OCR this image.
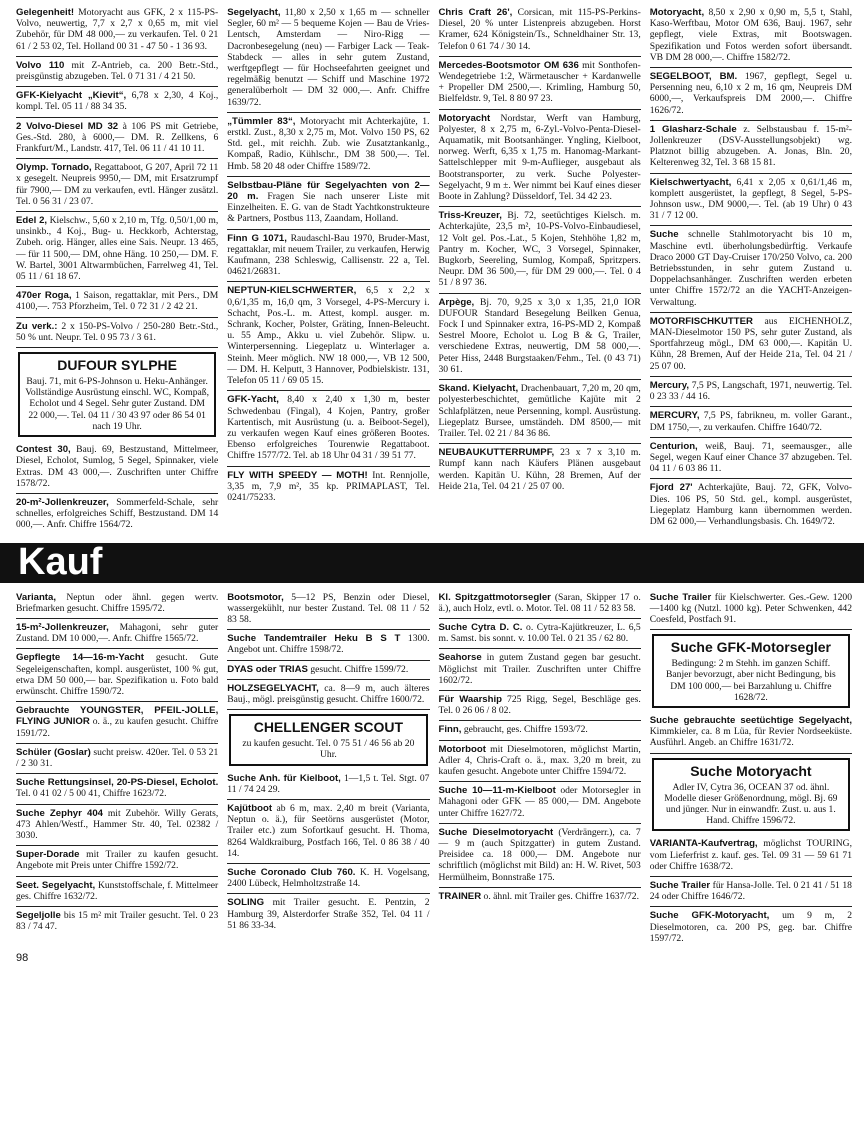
Gelegenheit! Motoryacht aus GFK, 2 x 115-PS-Volvo, neuwertig, 7,7 x 2,7 x 0,65 m, mit viel Zubehör, für DM 48 000,— zu verkaufen. Tel. 0 21 61 / 2 53 02, Tel. Holland 00 31 - 47 50 - 1 36 93.
Volvo 110 mit Z-Antrieb, ca. 200 Betr.-Std., preisgünstig abzugeben. Tel. 0 71 31 / 4 21 50.
GFK-Kielyacht „Kievit“, 6,78 x 2,30, 4 Koj., kompl. Tel. 05 11 / 88 34 35.
2 Volvo-Diesel MD 32 à 106 PS mit Getriebe, Ges.-Std. 280, à 6000,— DM. R. Zellkens, 6 Frankfurt/M., Landstr. 417, Tel. 06 11 / 41 10 11.
Olymp. Tornado, Regattaboot, G 207, April 72 11 x gesegelt. Neupreis 9950,— DM, mit Ersatzrumpf für 7900,— DM zu verkaufen, evtl. Hänger zusätzl. Tel. 0 56 31 / 23 07.
Edel 2, Kielschw., 5,60 x 2,10 m, Tfg. 0,50/1,00 m, unsinkb., 4 Koj., Bug- u. Heckkorb, Achterstag, Zubeh. orig. Hänger, alles eine Sais. Neupr. 13 465,— für 11 500,— DM, ohne Häng. 10 250,— DM. F. W. Bartel, 3001 Altwarmbüchen, Farrelweg 41, Tel. 05 11 / 61 18 67.
470er Roga, 1 Saison, regattaklar, mit Pers., DM 4100,—. 753 Pforzheim, Tel. 0 72 31 / 2 42 21.
Zu verk.: 2 x 150-PS-Volvo / 250-280 Betr.-Std., 50 % unt. Neupr. Tel. 0 95 73 / 3 61.
DUFOUR SYLPHE
Bauj. 71, mit 6-PS-Johnson u. Heku-Anhänger. Vollständige Ausrüstung einschl. WC, Kompaß, Echolot und 4 Segel. Sehr guter Zustand. DM 22 000,—. Tel. 04 11 / 30 43 97 oder 86 54 01 nach 19 Uhr.
Contest 30, Bauj. 69, Bestzustand, Mittelmeer, Diesel, Echolot, Sumlog, 5 Segel, Spinnaker, viele Extras. DM 43 000,—. Zuschriften unter Chiffre 1578/72.
20-m²-Jollenkreuzer, Sommerfeld-Schale, sehr schnelles, erfolgreiches Schiff, Bestzustand. DM 14 000,—. Anfr. Chiffre 1564/72.
Segelyacht, 11,80 x 2,50 x 1,65 m — schneller Segler, 60 m² — 5 bequeme Kojen — Bau de Vries-Lentsch, Amsterdam — Niro-Rigg — Dacronbesegelung (neu) — Farbiger Lack — Teak-Stabdeck — alles in sehr gutem Zustand, werftgepflegt — für Hochseefahrten geeignet und regelmäßig benutzt — Schiff und Maschine 1972 generalüberholt — DM 32 000,—. Anfr. Chiffre 1639/72.
„Tümmler 83“, Motoryacht mit Achterkajüte, 1. erstkl. Zust., 8,30 x 2,75 m, Mot. Volvo 150 PS, 62 Std. gel., mit reichh. Zub. wie Zusatztankanlg., Kompaß, Radio, Kühlschr., DM 38 500,—. Tel. Hmb. 58 20 48 oder Chiffre 1589/72.
Selbstbau-Pläne für Segelyachten von 2—20 m. Fragen Sie nach unserer Liste mit Einzelheiten. E. G. van de Stadt Yachtkonstrukteure & Partners, Postbus 113, Zaandam, Holland.
Finn G 1071, Raudaschl-Bau 1970, Bruder-Mast, regattaklar, mit neuem Trailer, zu verkaufen, Herwig Kaufmann, 238 Schleswig, Callisenstr. 22 a, Tel. 04621/26831.
NEPTUN-KIELSCHWERTER, 6,5 x 2,2 x 0,6/1,35 m, 16,0 qm, 3 Vorsegel, 4-PS-Mercury i. Schacht, Pos.-L. m. Attest, kompl. ausger. m. Schrank, Kocher, Polster, Gräting, Innen-Beleucht. u. 55 Amp., Akku u. viel Zubehör. Slipw. u. Winterpersenning. Liegeplatz u. Winterlager a. Steinh. Meer möglich. NW 18 000,—, VB 12 500,— DM. H. Kelputt, 3 Hannover, Podbielskistr. 131, Telefon 05 11 / 69 05 15.
GFK-Yacht, 8,40 x 2,40 x 1,30 m, bester Schwedenbau (Fingal), 4 Kojen, Pantry, großer Kartentisch, mit Ausrüstung (u. a. Beiboot-Segel), zu verkaufen wegen Kauf eines größeren Bootes. Ebenso erfolgreiches Tourenwie Regattaboot. Chiffre 1577/72. Tel. ab 18 Uhr 04 31 / 39 51 77.
FLY WITH SPEEDY — MOTH! Int. Rennjolle, 3,35 m, 7,9 m², 35 kp. PRIMAPLAST, Tel. 0241/75233.
Chris Craft 26', Corsican, mit 115-PS-Perkins-Diesel, 20 % unter Listenpreis abzugeben. Horst Kramer, 624 Königstein/Ts., Schneldhainer Str. 13, Telefon 0 61 74 / 30 14.
Mercedes-Bootsmotor OM 636 mit Sonthofen-Wendegetriebe 1:2, Wärmetauscher + Kardanwelle + Propeller DM 2500,—. Krimling, Hamburg 50, Bielfeldstr. 9, Tel. 8 80 97 23.
Motoryacht Nordstar, Werft van Hamburg, Polyester, 8 x 2,75 m, 6-Zyl.-Volvo-Penta-Diesel-Aquamatik, mit Bootsanhänger. Yngling, Kielboot, norweg. Werft, 6,35 x 1,75 m. Hanomag-Markant-Sattelschlepper mit 9-m-Auflieger, ausgebaut als Bootstransporter, zu verk. Suche Polyester-Segelyacht, 9 m ±. Wer nimmt bei Kauf eines dieser Boote in Zahlung? Düsseldorf, Tel. 34 42 23.
Triss-Kreuzer, Bj. 72, seetüchtiges Kielsch. m. Achterkajüte, 23,5 m², 10-PS-Volvo-Einbaudiesel, 12 Volt gel. Pos.-Lat., 5 Kojen, Stehhöhe 1,82 m, Pantry m. Kocher, WC, 3 Vorsegel, Spinnaker, Bugkorb, Seereling, Sumlog, Kompaß, Spritzpers. Neupr. DM 36 500,—, für DM 29 000,—. Tel. 0 4 51 / 8 97 36.
Arpège, Bj. 70, 9,25 x 3,0 x 1,35, 21,0 IOR DUFOUR Standard Besegelung Beilken Genua, Fock I und Spinnaker extra, 16-PS-MD 2, Kompaß Sestrel Moore, Echolot u. Log B & G, Trailer, verschiedene Extras, neuwertig, DM 58 000,—. Peter Hiss, 2448 Burgstaaken/Fehm., Tel. (0 43 71) 30 61.
Skand. Kielyacht, Drachenbauart, 7,20 m, 20 qm, polyesterbeschichtet, gemütliche Kajüte mit 2 Schlafplätzen, neue Persenning, kompl. Ausrüstung. Liegeplatz Bursee, umständeh. DM 8500,— mit Trailer. Tel. 02 21 / 84 36 86.
NEUBAUKUTTERRUMPF, 23 x 7 x 3,10 m. Rumpf kann nach Käufers Plänen ausgebaut werden. Kapitän U. Kühn, 28 Bremen, Auf der Heide 21a, Tel. 04 21 / 25 07 00.
Motoryacht, 8,50 x 2,90 x 0,90 m, 5,5 t, Stahl, Kaso-Werftbau, Motor OM 636, Bauj. 1967, sehr gepflegt, viele Extras, mit Bootswagen. Spezifikation und Fotos werden sofort übersandt. VB DM 28 000,—. Chiffre 1582/72.
SEGELBOOT, BM. 1967, gepflegt, Segel u. Persenning neu, 6,10 x 2 m, 16 qm, Neupreis DM 6000,—, Verkaufspreis DM 2000,—. Chiffre 1626/72.
1 Glasharz-Schale z. Selbstausbau f. 15-m²-Jollenkreuzer (DSV-Ausstellungsobjekt) wg. Platznot billig abzugeben. A. Jonas, Bln. 20, Kelterenweg 32, Tel. 3 68 15 81.
Kielschwertyacht, 6,41 x 2,05 x 0,61/1,46 m, komplett ausgerüstet, la gepflegt, 8 Segel, 5-PS-Johnson usw., DM 9000,—. Tel. (ab 19 Uhr) 0 43 31 / 7 12 00.
Suche schnelle Stahlmotoryacht bis 10 m, Maschine evtl. überholungsbedürftig. Verkaufe Draco 2000 GT Day-Cruiser 170/250 Volvo, ca. 200 Betriebsstunden, in sehr gutem Zustand u. Doppelachsanhänger. Zuschriften werden erbeten unter Chiffre 1572/72 an die YACHT-Anzeigen-Verwaltung.
MOTORFISCHKUTTER aus EICHENHOLZ, MAN-Dieselmotor 150 PS, sehr guter Zustand, als Sportfahrzeug mögl., DM 63 000,—. Kapitän U. Kühn, 28 Bremen, Auf der Heide 21a, Tel. 04 21 / 25 07 00.
Mercury, 7,5 PS, Langschaft, 1971, neuwertig. Tel. 0 23 33 / 44 16.
MERCURY, 7,5 PS, fabrikneu, m. voller Garant., DM 1750,—, zu verkaufen. Chiffre 1640/72.
Centurion, weiß, Bauj. 71, seemausger., alle Segel, wegen Kauf einer Chance 37 abzugeben. Tel. 04 11 / 6 03 86 11.
Fjord 27' Achterkajüte, Bauj. 72, GFK, Volvo-Dies. 106 PS, 50 Std. gel., kompl. ausgerüstet, Liegeplatz Hamburg kann übernommen werden. DM 62 000,— Verhandlungsbasis. Ch. 1649/72.
Kauf
Varianta, Neptun oder ähnl. gegen wertv. Briefmarken gesucht. Chiffre 1595/72.
15-m²-Jollenkreuzer, Mahagoni, sehr guter Zustand. DM 10 000,—. Anfr. Chiffre 1565/72.
Gepflegte 14—16-m-Yacht gesucht. Gute Segeleigenschaften, kompl. ausgerüstet, 100 % gut, etwa DM 50 000,— bar. Spezifikation u. Foto bald erwünscht. Chiffre 1590/72.
Gebrauchte YOUNGSTER, PFEIL-JOLLE, FLYING JUNIOR o. ä., zu kaufen gesucht. Chiffre 1591/72.
Schüler (Goslar) sucht preisw. 420er. Tel. 0 53 21 / 2 30 31.
Suche Rettungsinsel, 20-PS-Diesel, Echolot. Tel. 0 41 02 / 5 00 41, Chiffre 1623/72.
Suche Zephyr 404 mit Zubehör. Willy Gerats, 473 Ahlen/Westf., Hammer Str. 40, Tel. 02382 / 3030.
Super-Dorade mit Trailer zu kaufen gesucht. Angebote mit Preis unter Chiffre 1592/72.
Seet. Segelyacht, Kunststoffschale, f. Mittelmeer ges. Chiffre 1632/72.
Segeljolle bis 15 m² mit Trailer gesucht. Tel. 0 23 83 / 74 47.
Bootsmotor, 5—12 PS, Benzin oder Diesel, wassergekühlt, nur bester Zustand. Tel. 08 11 / 52 83 58.
Suche Tandemtrailer Heku B S T 1300. Angebot unt. Chiffre 1598/72.
DYAS oder TRIAS gesucht. Chiffre 1599/72.
HOLZSEGELYACHT, ca. 8—9 m, auch älteres Bauj., mögl. preisgünstig gesucht. Chiffre 1600/72.
CHELLENGER SCOUT
zu kaufen gesucht. Tel. 0 75 51 / 46 56 ab 20 Uhr.
Suche Anh. für Kielboot, 1—1,5 t. Tel. Stgt. 07 11 / 74 24 29.
Kajütboot ab 6 m, max. 2,40 m breit (Varianta, Neptun o. ä.), für Seetörns ausgerüstet (Motor, Trailer etc.) zum Sofortkauf gesucht. H. Thoma, 8264 Waldkraiburg, Postfach 166, Tel. 0 86 38 / 40 14.
Suche Coronado Club 760. K. H. Vogelsang, 2400 Lübeck, Helmholtzstraße 14.
SOLING mit Trailer gesucht. E. Pentzin, 2 Hamburg 39, Alsterdorfer Straße 352, Tel. 04 11 / 51 86 33-34.
Kl. Spitzgattmotorsegler (Saran, Skipper 17 o. ä.), auch Holz, evtl. o. Motor. Tel. 08 11 / 52 83 58.
Suche Cytra D. C. o. Cytra-Kajütkreuzer, L. 6,5 m. Samst. bis sonnt. v. 10.00 Tel. 0 21 35 / 62 80.
Seahorse in gutem Zustand gegen bar gesucht. Möglichst mit Trailer. Zuschriften unter Chiffre 1602/72.
Für Waarship 725 Rigg, Segel, Beschläge ges. Tel. 0 26 06 / 8 02.
Finn, gebraucht, ges. Chiffre 1593/72.
Motorboot mit Dieselmotoren, möglichst Martin, Adler 4, Chris-Craft o. ä., max. 3,20 m breit, zu kaufen gesucht. Angebote unter Chiffre 1594/72.
Suche 10—11-m-Kielboot oder Motorsegler in Mahagoni oder GFK — 85 000,— DM. Angebote unter Chiffre 1627/72.
Suche Dieselmotoryacht (Verdrängerr.), ca. 7 — 9 m (auch Spitzgatter) in gutem Zustand. Preisidee ca. 18 000,— DM. Angebote nur schriftlich (möglichst mit Bild) an: H. W. Rivet, 503 Hermülheim, Bonnstraße 175.
TRAINER o. ähnl. mit Trailer ges. Chiffre 1637/72.
Suche Trailer für Kielschwerter. Ges.-Gew. 1200—1400 kg (Nutzl. 1000 kg). Peter Schwenken, 442 Coesfeld, Postfach 91.
Suche GFK-Motorsegler
Bedingung: 2 m Stehh. im ganzen Schiff. Banjer bevorzugt, aber nicht Bedingung, bis DM 100 000,— bei Barzahlung u. Chiffre 1628/72.
Suche gebrauchte seetüchtige Segelyacht, Kimmkieler, ca. 8 m Lüa, für Revier Nordseeküste. Ausführl. Angeb. an Chiffre 1631/72.
Suche Motoryacht
Adler IV, Cytra 36, OCEAN 37 od. ähnl. Modelle dieser Größenordnung, mögl. Bj. 69 und jünger. Nur in einwandfr. Zust. u. aus 1. Hand. Chiffre 1596/72.
VARIANTA-Kaufvertrag, möglichst TOURING, vom Lieferfrist z. kauf. ges. Tel. 09 31 — 59 61 71 oder Chiffre 1638/72.
Suche Trailer für Hansa-Jolle. Tel. 0 21 41 / 51 18 24 oder Chiffre 1646/72.
Suche GFK-Motoryacht, um 9 m, 2 Dieselmotoren, ca. 200 PS, geg. bar. Chiffre 1597/72.
98
